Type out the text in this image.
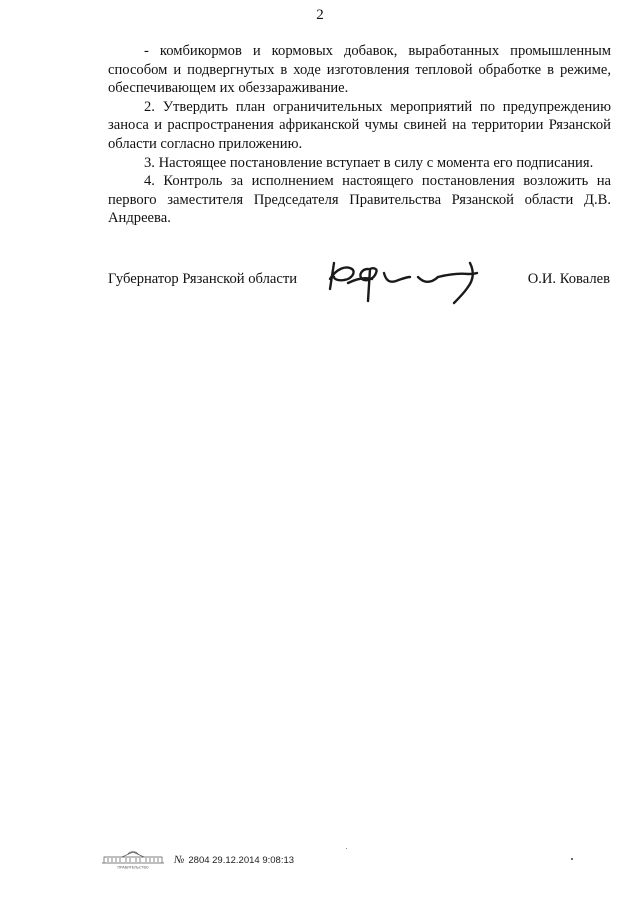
2

- комбикормов и кормовых добавок, выработанных промышленным способом и подвергнутых в ходе изготовления тепловой обработке в режиме, обеспечивающем их обеззараживание.

2. Утвердить план ограничительных мероприятий по предупреждению заноса и распространения африканской чумы свиней на территории Рязанской области согласно приложению.

3. Настоящее постановление вступает в силу с момента его подписания.

4. Контроль за исполнением настоящего постановления возложить на первого заместителя Председателя Правительства Рязанской области Д.В. Андреева.

Губернатор Рязанской области	О.И. Ковалев
ПРАВИТЕЛЬСТВО
№ 2804 29.12.2014 9:08:13
